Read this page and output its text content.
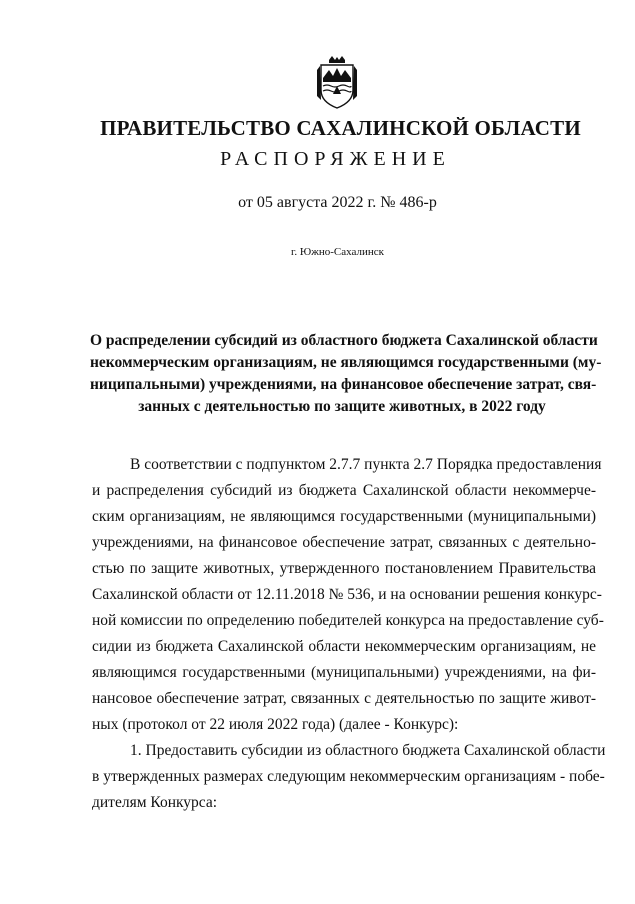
ПРАВИТЕЛЬСТВО САХАЛИНСКОЙ ОБЛАСТИ
РАСПОРЯЖЕНИЕ
от 05 августа 2022 г. № 486-р
г. Южно-Сахалинск
О распределении субсидий из областного бюджета Сахалинской области
некоммерческим организациям, не являющимся государственными (му-
ниципальными) учреждениями, на финансовое обеспечение затрат, свя-
занных с деятельностью по защите животных, в 2022 году
В соответствии с подпунктом 2.7.7 пункта 2.7 Порядка предоставления
и распределения субсидий из бюджета Сахалинской области некоммерче-
ским организациям, не являющимся государственными (муниципальными)
учреждениями, на финансовое обеспечение затрат, связанных с деятельно-
стью по защите животных, утвержденного постановлением Правительства
Сахалинской области от 12.11.2018 № 536, и на основании решения конкурс-
ной комиссии по определению победителей конкурса на предоставление суб-
сидии из бюджета Сахалинской области некоммерческим организациям, не
являющимся государственными (муниципальными) учреждениями, на фи-
нансовое обеспечение затрат, связанных с деятельностью по защите живот-
ных (протокол от 22 июля 2022 года) (далее - Конкурс):
1. Предоставить субсидии из областного бюджета Сахалинской области
в утвержденных размерах следующим некоммерческим организациям - побе-
дителям Конкурса:
